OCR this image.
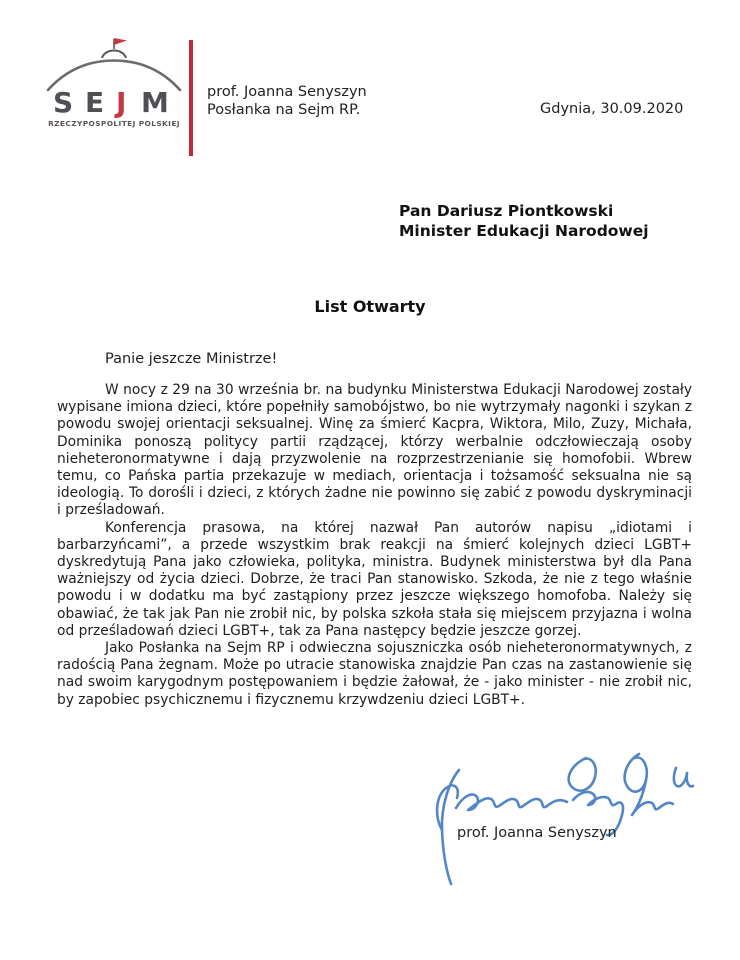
S E J M
RZECZYPOSPOLITEJ POLSKIEJ
prof. Joanna Senyszyn
Posłanka na Sejm RP.	Gdynia, 30.09.2020
Pan Dariusz Piontkowski
Minister Edukacji Narodowej
List Otwarty
Panie jeszcze Ministrze!

W nocy z 29 na 30 września br. na budynku Ministerstwa Edukacji Narodowej zostały wypisane imiona dzieci, które popełniły samobójstwo, bo nie wytrzymały nagonki i szykan z powodu swojej orientacji seksualnej. Winę za śmierć Kacpra, Wiktora, Milo, Zuzy, Michała, Dominika ponoszą politycy partii rządzącej, którzy werbalnie odczłowieczają osoby nieheteronormatywne i dają przyzwolenie na rozprzestrzenianie się homofobii. Wbrew temu, co Pańska partia przekazuje w mediach, orientacja i tożsamość seksualna nie są ideologią. To dorośli i dzieci, z których żadne nie powinno się zabić z powodu dyskryminacji i prześladowań.

Konferencja prasowa, na której nazwał Pan autorów napisu „idiotami i barbarzyńcami”, a przede wszystkim brak reakcji na śmierć kolejnych dzieci LGBT+ dyskredytują Pana jako człowieka, polityka, ministra. Budynek ministerstwa był dla Pana ważniejszy od życia dzieci. Dobrze, że traci Pan stanowisko. Szkoda, że nie z tego właśnie powodu i w dodatku ma być zastąpiony przez jeszcze większego homofoba. Należy się obawiać, że tak jak Pan nie zrobił nic, by polska szkoła stała się miejscem przyjazna i wolna od prześladowań dzieci LGBT+, tak za Pana następcy będzie jeszcze gorzej.

Jako Posłanka na Sejm RP i odwieczna sojuszniczka osób nieheteronormatywnych, z radością Pana żegnam. Może po utracie stanowiska znajdzie Pan czas na zastanowienie się nad swoim karygodnym postępowaniem i będzie żałował, że - jako minister - nie zrobił nic, by zapobiec psychicznemu i fizycznemu krzywdzeniu dzieci LGBT+.

prof. Joanna Senyszyn
